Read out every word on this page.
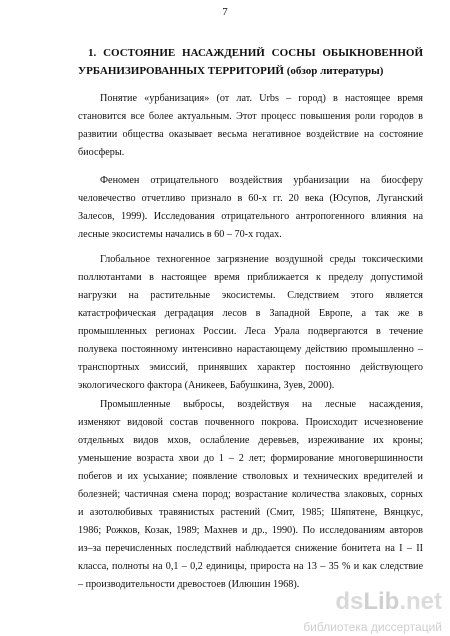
7
1. СОСТОЯНИЕ НАСАЖДЕНИЙ СОСНЫ ОБЫКНОВЕННОЙ
УРБАНИЗИРОВАННЫХ ТЕРРИТОРИЙ (обзор литературы)
Понятие «урбанизация» (от лат. Urbs – город) в настоящее время
становится все более актуальным. Этот процесс повышения роли городов в
развитии общества оказывает весьма негативное воздействие на состояние
биосферы.
Феномен отрицательного воздействия урбанизации на биосферу
человечество отчетливо признало в 60-х гг. 20 века (Юсупов, Луганский
Залесов, 1999). Исследования отрицательного антропогенного влияния на
лесные экосистемы начались в 60 – 70-х годах.
Глобальное техногенное загрязнение воздушной среды токсическими
поллютантами в настоящее время приближается к пределу допустимой
нагрузки на растительные экосистемы. Следствием этого является
катастрофическая деградация лесов в Западной Европе, а так же в
промышленных регионах России. Леса Урала подвергаются в течение
полувека постоянному интенсивно нарастающему действию промышленно –
транспортных эмиссий, принявших характер постоянно действующего
экологического фактора (Аникеев, Бабушкина, Зуев, 2000).
Промышленные выбросы, воздействуя на лесные насаждения,
изменяют видовой состав почвенного покрова. Происходит исчезновение
отдельных видов мхов, ослабление деревьев, изреживание их кроны;
уменьшение возраста хвои до 1 – 2 лет; формирование многовершинности
побегов и их усыхание; появление стволовых и технических вредителей и
болезней; частичная смена пород; возрастание количества злаковых, сорных
и азотолюбивых травянистых растений (Смит, 1985; Шяпятене, Вянцкус,
1986; Рожков, Козак, 1989; Махнев и др., 1990). По исследованиям авторов
из–за перечисленных последствий наблюдается снижение бонитета на I – II
класса, полноты на 0,1 – 0,2 единицы, прироста на 13 – 35 % и как следствие
– производительности древостоев (Илюшин 1968).
dsLib.net
библиотека диссертаций
